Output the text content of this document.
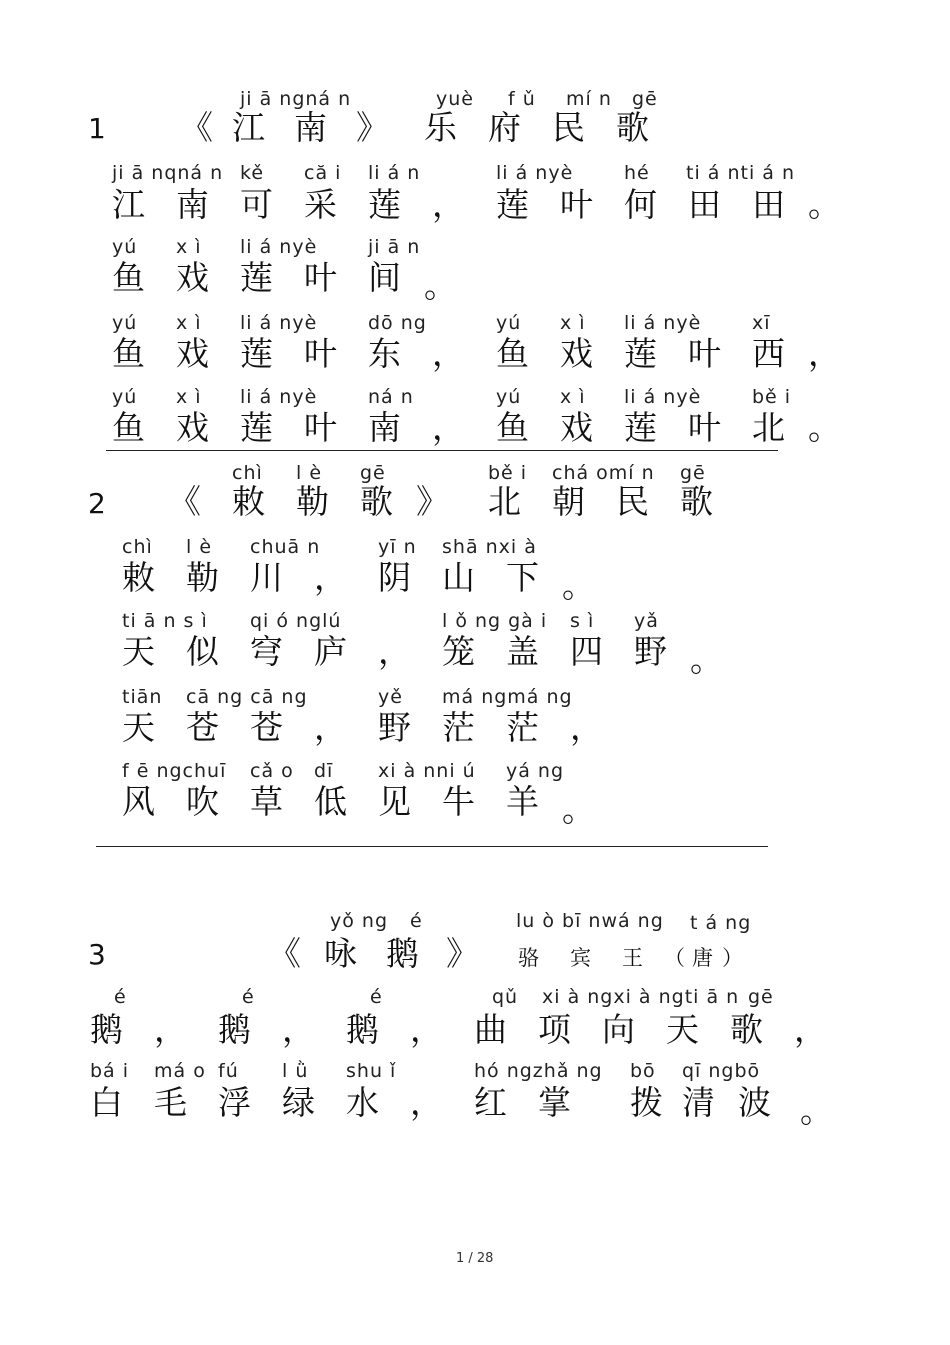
ji ā ngná n	yuè f ǔ mí n gē
1 《 江 南 》 乐 府 民 歌
ji ā nqná n kě că i li á n	li á nyè	hé ti á nti á n
江 南 可 采 莲 ， 莲 叶 何 田 田 。
yú x ì li á nyè	ji ā n
鱼 戏 莲 叶 间 。
yú x ì li á nyè	dō ng	yú x ì li á nyè	xī
鱼 戏 莲 叶 东 ， 鱼 戏 莲 叶 西 ，
yú x ì li á nyè	ná n	yú x ì li á nyè	bě i
鱼 戏 莲 叶 南 ， 鱼 戏 莲 叶 北 。
chì l è gē	bě i chá omí n gē
2 《 敕 勒 歌 》 北 朝 民 歌
chì l è chuā n	yī n shā nxi à
敕 勒 川 ， 阴 山 下 。
ti ā n s ì qi ó nglú	l ǒ ng gà i s ì yǎ
天 似 穹 庐 ， 笼 盖 四 野 。
tiān cā ng cā ng	yě má ngmá ng
天 苍 苍 ， 野 茫 茫 ，
f ē ngchuī cǎ o dī xi à nni ú yá ng
风 吹 草 低 见 牛 羊 。
yǒ ng é	lu ò bī nwá ng t á ng
3	《 咏 鹅 》 骆 宾 王 （ 唐 ）
é	é	é	qǔ xi à ngxi à ngti ā n gē
鹅 ， 鹅 ， 鹅 ， 曲 项 向 天 歌 ，
bá i má o fú l ǜ shu ǐ	hó ngzhǎ ng bō qī ngbō
白 毛 浮 绿 水 ， 红 掌 拨 清 波 。
1 / 28
